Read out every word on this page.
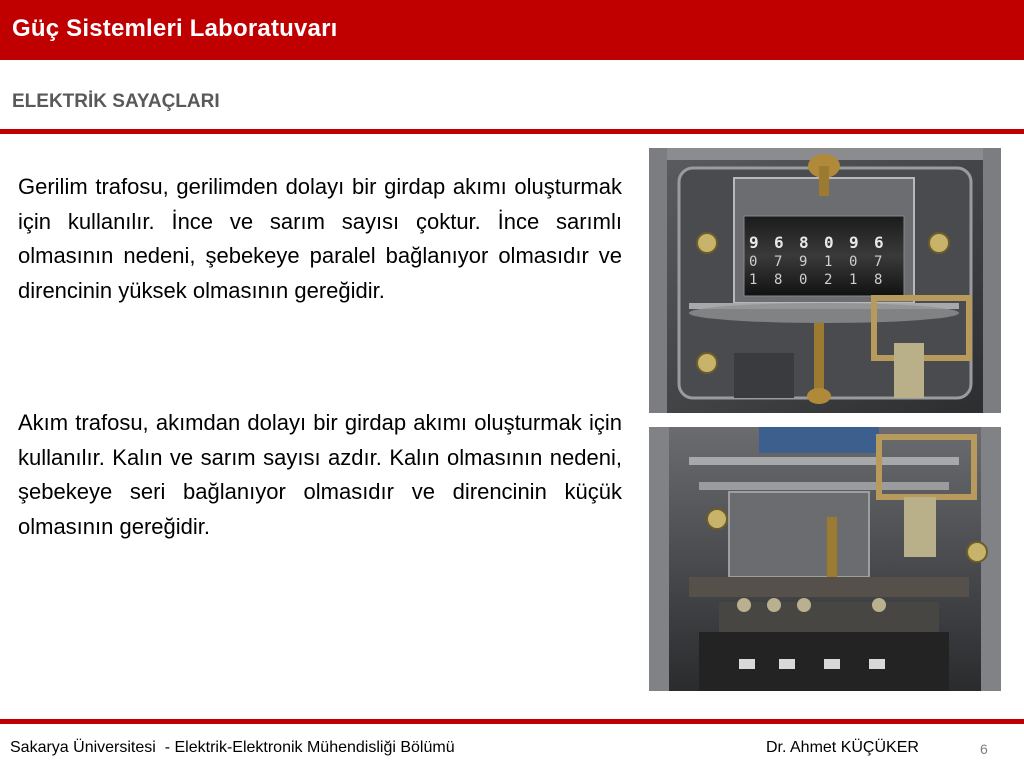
Güç Sistemleri Laboratuvarı
ELEKTRİK SAYAÇLARI

Gerilim trafosu, gerilimden dolayı bir girdap akımı oluşturmak için kullanılır. İnce ve sarım sayısı çoktur. İnce sarımlı olmasının nedeni, şebekeye paralel bağlanıyor olmasıdır ve direncinin yüksek olmasının gereğidir.

Akım trafosu, akımdan dolayı bir girdap akımı oluşturmak için kullanılır. Kalın ve sarım sayısı azdır. Kalın olmasının nedeni, şebekeye seri bağlanıyor olmasıdır ve direncinin küçük olmasının gereğidir.

9 6 8 0 9 6
0 7 9 1 0 7
1 8 0 2 1 8
Sakarya Üniversitesi  - Elektrik-Elektronik Mühendisliği Bölümü	Dr. Ahmet KÜÇÜKER	6
